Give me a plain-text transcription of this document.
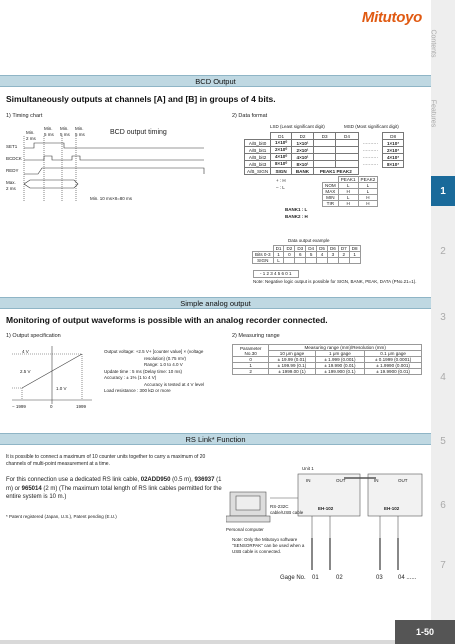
Mitutoyo
Contents
Features
1
2
3
4
5
6
7
BCD Output
Simultaneously outputs at channels [A] and [B] in groups of 4 bits.
1) Timing chart
Min.
2 ms
Min.
5 ms
Min.
5 ms
Min.
5 ms	BCD output timing
SET1
BCDCK
REDY
Max.
2 ms
Min. 10 ms×8=80 ms
2) Data format
LSD (Least significant digit)	MSD (Most significant digit)
	D1	D2	D3	D4		D8
A/B_bit0	1×10⁰	1×10¹			··········	1×10⁷
A/B_bit1	2×10⁰	2×10¹			··········	2×10⁷
A/B_bit2	4×10⁰	4×10¹			··········	4×10⁷
A/B_bit3	8×10⁰	8×10¹			··········	8×10⁷
A/B_SIGN	SIGN	BANK	PEAK1 PEAK2			
+ : H
– : L
BANK1 : L
BANK2 : H
	PEAK1	PEAK2
NOM	L	L
MAX	H	L
MIN	L	H
TIR	H	H
Data output example
	D1	D2	D3	D4	D5	D6	D7	D8
Bits 0-3	1	0	6	5	4	3	2	1
SIGN	L							
- 1 2 3 4 5 6 0 1
Note: Negative logic output is possible for SIGN, BANK, PEAK, DATA (PNo.21=1).
Simple analog output
Monitoring of output waveforms is possible with an analog recorder connected.
1) Output specification
4 V
2.5 V
1.0 V
− 1999	0	1999
Output voltage: +2.5 V+ [counter value] × (voltage
resolution) (0.75 mV)
Range: 1.0 to 4.0 V
Update time : 5 ms (Delay time: 10 ms)
Accuracy : ± 1% (1 to 4 V)
Accuracy is tested at 4 V level
Load resistance : 300 kΩ or more
2) Measuring range
Parameter
No.30	Measuring range (mm)/Resolution (mm)		
	10 μm gage	1 μm gage	0.1 μm gage
0	± 19.99 (0.01)	± 1.999 (0.001)	± 0.1999 (0.0001)
1	± 199.99 (0.1)	± 19.990 (0.01)	± 1.9990 (0.001)
2	± 1999.00 (1)	± 199.900 (0.1)	± 19.9900 (0.01)
RS Link* Function
It is possible to connect a maximum of 10 counter units together to carry a maximum of 20 channels of multi-point measurement at a time.
For this connection use a dedicated RS link cable, 02ADD950 (0.5 m), 936937 (1 m) or 965014 (2 m) (The maximum total length of RS link cables permitted for the entire system is 10 m.)
* Patent registered (Japan, U.S.), Patent pending (E.U.)
Unit 1
IN	OUT	IN	OUT
EH-102	EH-102
RS-232C
cable/USB cable
Personal computer
Note: Only the Mitutoyo software "SENSORPAK" can be used when a USB cable is connected.
Gage No. 01	02	03	04 ......
1-50
